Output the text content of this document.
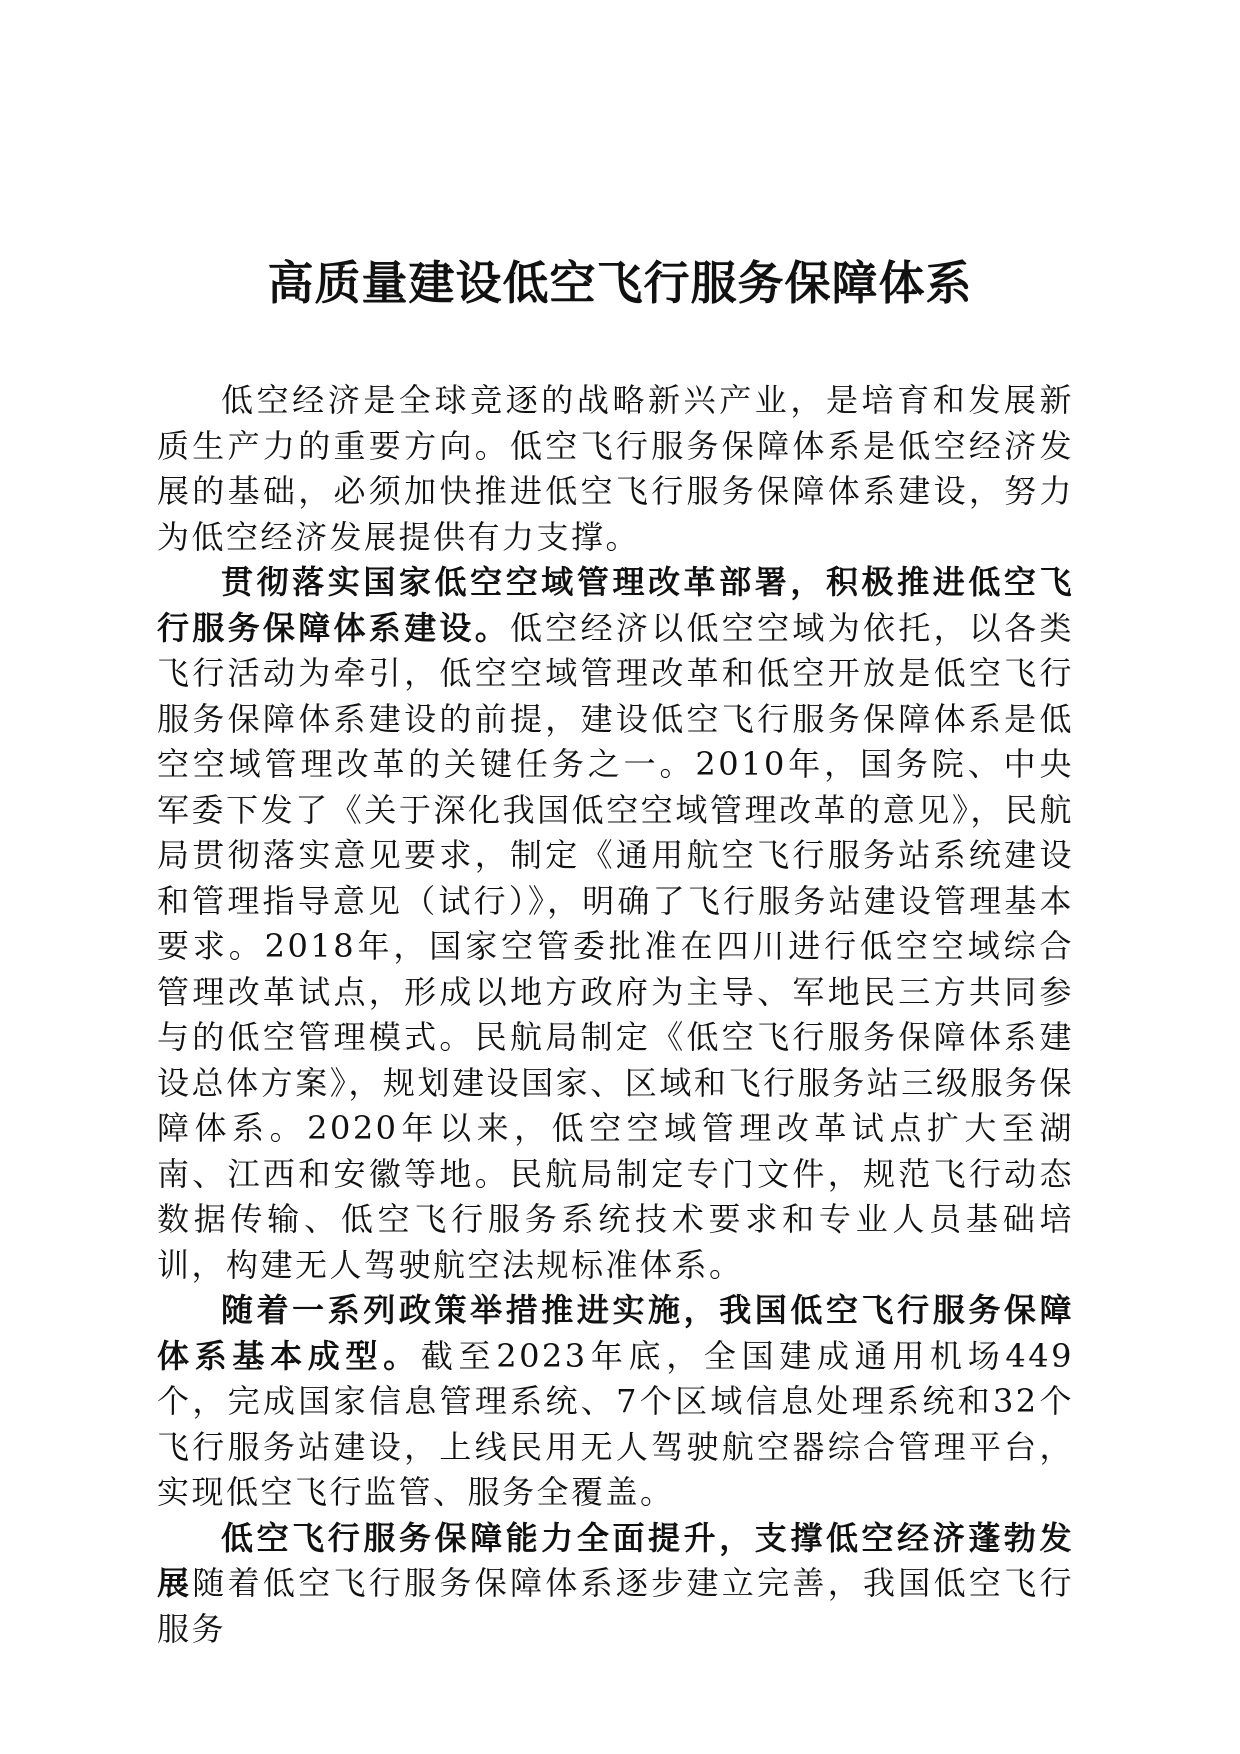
高质量建设低空飞行服务保障体系

低空经济是全球竞逐的战略新兴产业，是培育和发展新质生产力的重要方向。低空飞行服务保障体系是低空经济发展的基础，必须加快推进低空飞行服务保障体系建设，努力为低空经济发展提供有力支撑。

贯彻落实国家低空空域管理改革部署，积极推进低空飞行服务保障体系建设。低空经济以低空空域为依托，以各类飞行活动为牵引，低空空域管理改革和低空开放是低空飞行服务保障体系建设的前提，建设低空飞行服务保障体系是低空空域管理改革的关键任务之一。2010年，国务院、中央军委下发了《关于深化我国低空空域管理改革的意见》，民航局贯彻落实意见要求，制定《通用航空飞行服务站系统建设和管理指导意见（试行）》，明确了飞行服务站建设管理基本要求。2018年，国家空管委批准在四川进行低空空域综合管理改革试点，形成以地方政府为主导、军地民三方共同参与的低空管理模式。民航局制定《低空飞行服务保障体系建设总体方案》，规划建设国家、区域和飞行服务站三级服务保障体系。2020年以来，低空空域管理改革试点扩大至湖南、江西和安徽等地。民航局制定专门文件，规范飞行动态数据传输、低空飞行服务系统技术要求和专业人员基础培训，构建无人驾驶航空法规标准体系。

随着一系列政策举措推进实施，我国低空飞行服务保障体系基本成型。截至2023年底，全国建成通用机场449个，完成国家信息管理系统、7个区域信息处理系统和32个飞行服务站建设，上线民用无人驾驶航空器综合管理平台，实现低空飞行监管、服务全覆盖。

低空飞行服务保障能力全面提升，支撑低空经济蓬勃发展随着低空飞行服务保障体系逐步建立完善，我国低空飞行服务
